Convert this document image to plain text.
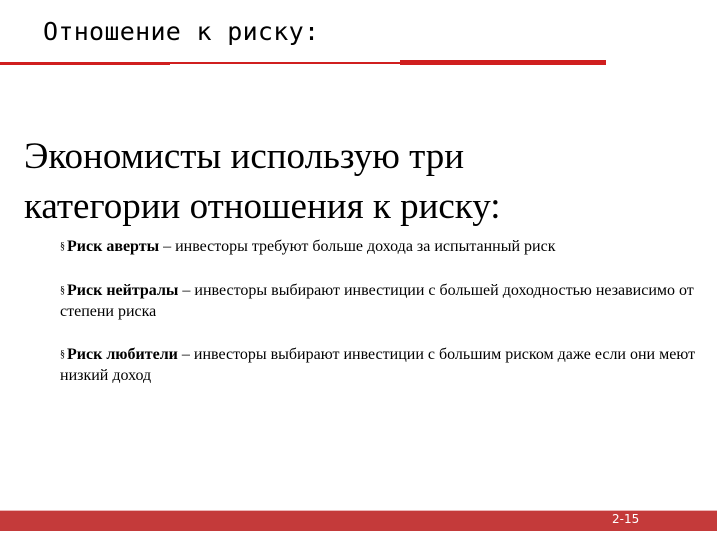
Отношение к риску:
Экономисты использую три
категории отношения к риску:
§ Риск аверты – инвесторы требуют больше дохода за испытанный риск
§ Риск нейтралы – инвесторы выбирают инвестиции с большей доходностью независимо от степени риска
§ Риск любители – инвесторы выбирают инвестиции с большим риском даже если они меют низкий доход
2-15
